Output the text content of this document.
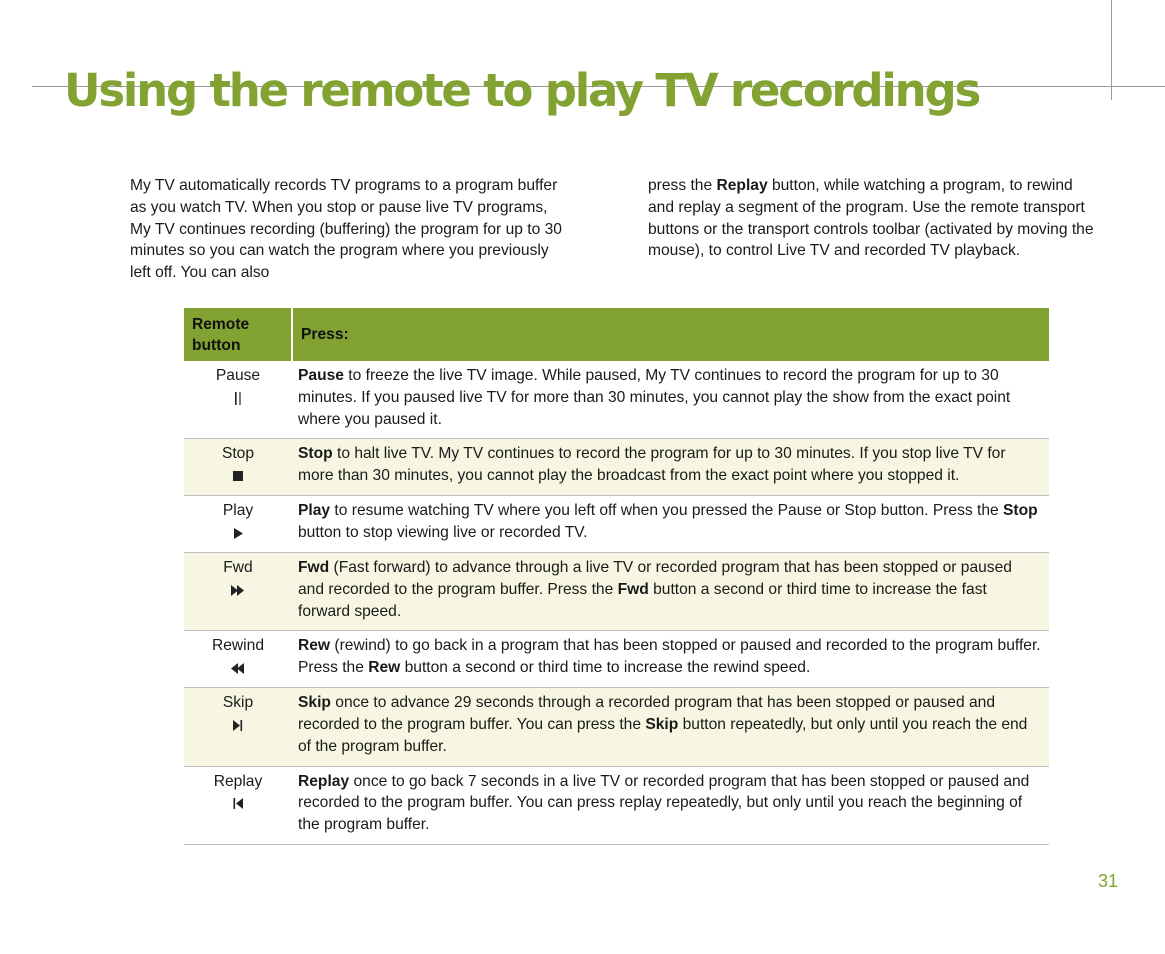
Using the remote to play TV recordings
My TV automatically records TV programs to a program buffer as you watch TV. When you stop or pause live TV programs, My TV continues recording (buffering) the program for up to 30 minutes so you can watch the program where you previously left off. You can also
press the Replay button, while watching a program, to rewind and replay a segment of the program. Use the remote transport buttons or the transport controls toolbar (activated by moving the mouse), to control Live TV and recorded TV playback.
Remote button	Press:

Pause	Pause to freeze the live TV image. While paused, My TV continues to record the program for up to 30 minutes. If you paused live TV for more than 30 minutes, you cannot play the show from the exact point where you paused it.

Stop	Stop to halt live TV. My TV continues to record the program for up to 30 minutes. If you stop live TV for more than 30 minutes, you cannot play the broadcast from the exact point where you stopped it.

Play	Play to resume watching TV where you left off when you pressed the Pause or Stop button. Press the Stop button to stop viewing live or recorded TV.

Fwd	Fwd (Fast forward) to advance through a live TV or recorded program that has been stopped or paused and recorded to the program buffer. Press the Fwd button a second or third time to increase the fast forward speed.

Rewind	Rew (rewind) to go back in a program that has been stopped or paused and recorded to the program buffer. Press the Rew button a second or third time to increase the rewind speed.

Skip	Skip once to advance 29 seconds through a recorded program that has been stopped or paused and recorded to the program buffer. You can press the Skip button repeatedly, but only until you reach the end of the program buffer.

Replay	Replay once to go back 7 seconds in a live TV or recorded program that has been stopped or paused and recorded to the program buffer. You can press replay repeatedly, but only until you reach the beginning of the program buffer.
31
